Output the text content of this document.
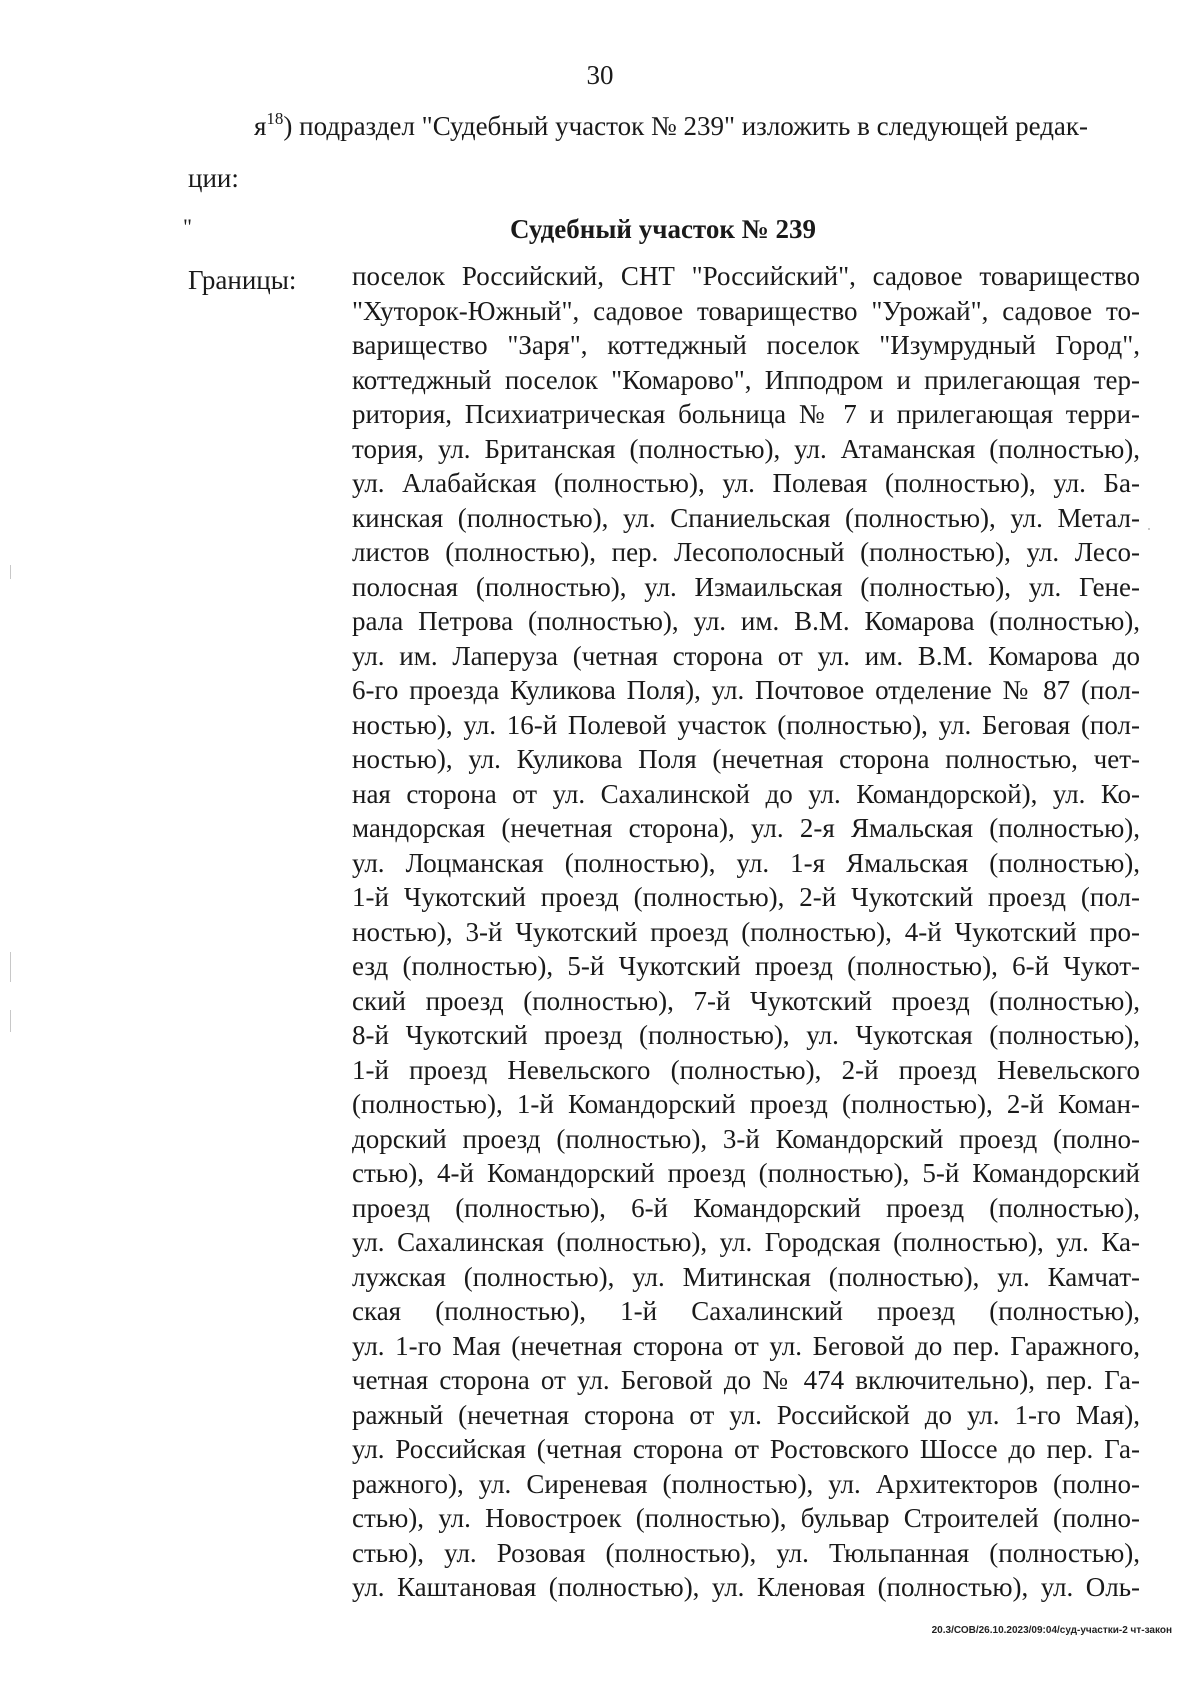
30
$я^{18}$) подраздел "Судебный участок № 239" изложить в следующей редак-
ции:
"	Судебный участок № 239
Границы: поселок Российский, СНТ "Российский", садовое товарищество
"Хуторок-Южный", садовое товарищество "Урожай", садовое то-
варищество "Заря", коттеджный поселок "Изумрудный Город",
коттеджный поселок "Комарово", Ипподром и прилегающая тер-
ритория, Психиатрическая больница № 7 и прилегающая терри-
тория, ул. Британская (полностью), ул. Атаманская (полностью),
ул. Алабайская (полностью), ул. Полевая (полностью), ул. Ба-
кинская (полностью), ул. Спаниельская (полностью), ул. Метал-
листов (полностью), пер. Лесополосный (полностью), ул. Лесо-
полосная (полностью), ул. Измаильская (полностью), ул. Гене-
рала Петрова (полностью), ул. им. В.М. Комарова (полностью),
ул. им. Лаперуза (четная сторона от ул. им. В.М. Комарова до
6-го проезда Куликова Поля), ул. Почтовое отделение № 87 (пол-
ностью), ул. 16-й Полевой участок (полностью), ул. Беговая (пол-
ностью), ул. Куликова Поля (нечетная сторона полностью, чет-
ная сторона от ул. Сахалинской до ул. Командорской), ул. Ко-
мандорская (нечетная сторона), ул. 2-я Ямальская (полностью),
ул. Лоцманская (полностью), ул. 1-я Ямальская (полностью),
1-й Чукотский проезд (полностью), 2-й Чукотский проезд (пол-
ностью), 3-й Чукотский проезд (полностью), 4-й Чукотский про-
езд (полностью), 5-й Чукотский проезд (полностью), 6-й Чукот-
ский проезд (полностью), 7-й Чукотский проезд (полностью),
8-й Чукотский проезд (полностью), ул. Чукотская (полностью),
1-й проезд Невельского (полностью), 2-й проезд Невельского
(полностью), 1-й Командорский проезд (полностью), 2-й Коман-
дорский проезд (полностью), 3-й Командорский проезд (полно-
стью), 4-й Командорский проезд (полностью), 5-й Командорский
проезд (полностью), 6-й Командорский проезд (полностью),
ул. Сахалинская (полностью), ул. Городская (полностью), ул. Ка-
лужская (полностью), ул. Митинская (полностью), ул. Камчат-
ская (полностью), 1-й Сахалинский проезд (полностью),
ул. 1-го Мая (нечетная сторона от ул. Беговой до пер. Гаражного,
четная сторона от ул. Беговой до № 474 включительно), пер. Га-
ражный (нечетная сторона от ул. Российской до ул. 1-го Мая),
ул. Российская (четная сторона от Ростовского Шоссе до пер. Га-
ражного), ул. Сиреневая (полностью), ул. Архитекторов (полно-
стью), ул. Новостроек (полностью), бульвар Строителей (полно-
стью), ул. Розовая (полностью), ул. Тюльпанная (полностью),
ул. Каштановая (полностью), ул. Кленовая (полностью), ул. Оль-
20.3/СОВ/26.10.2023/09:04/суд-участки-2 чт-закон
